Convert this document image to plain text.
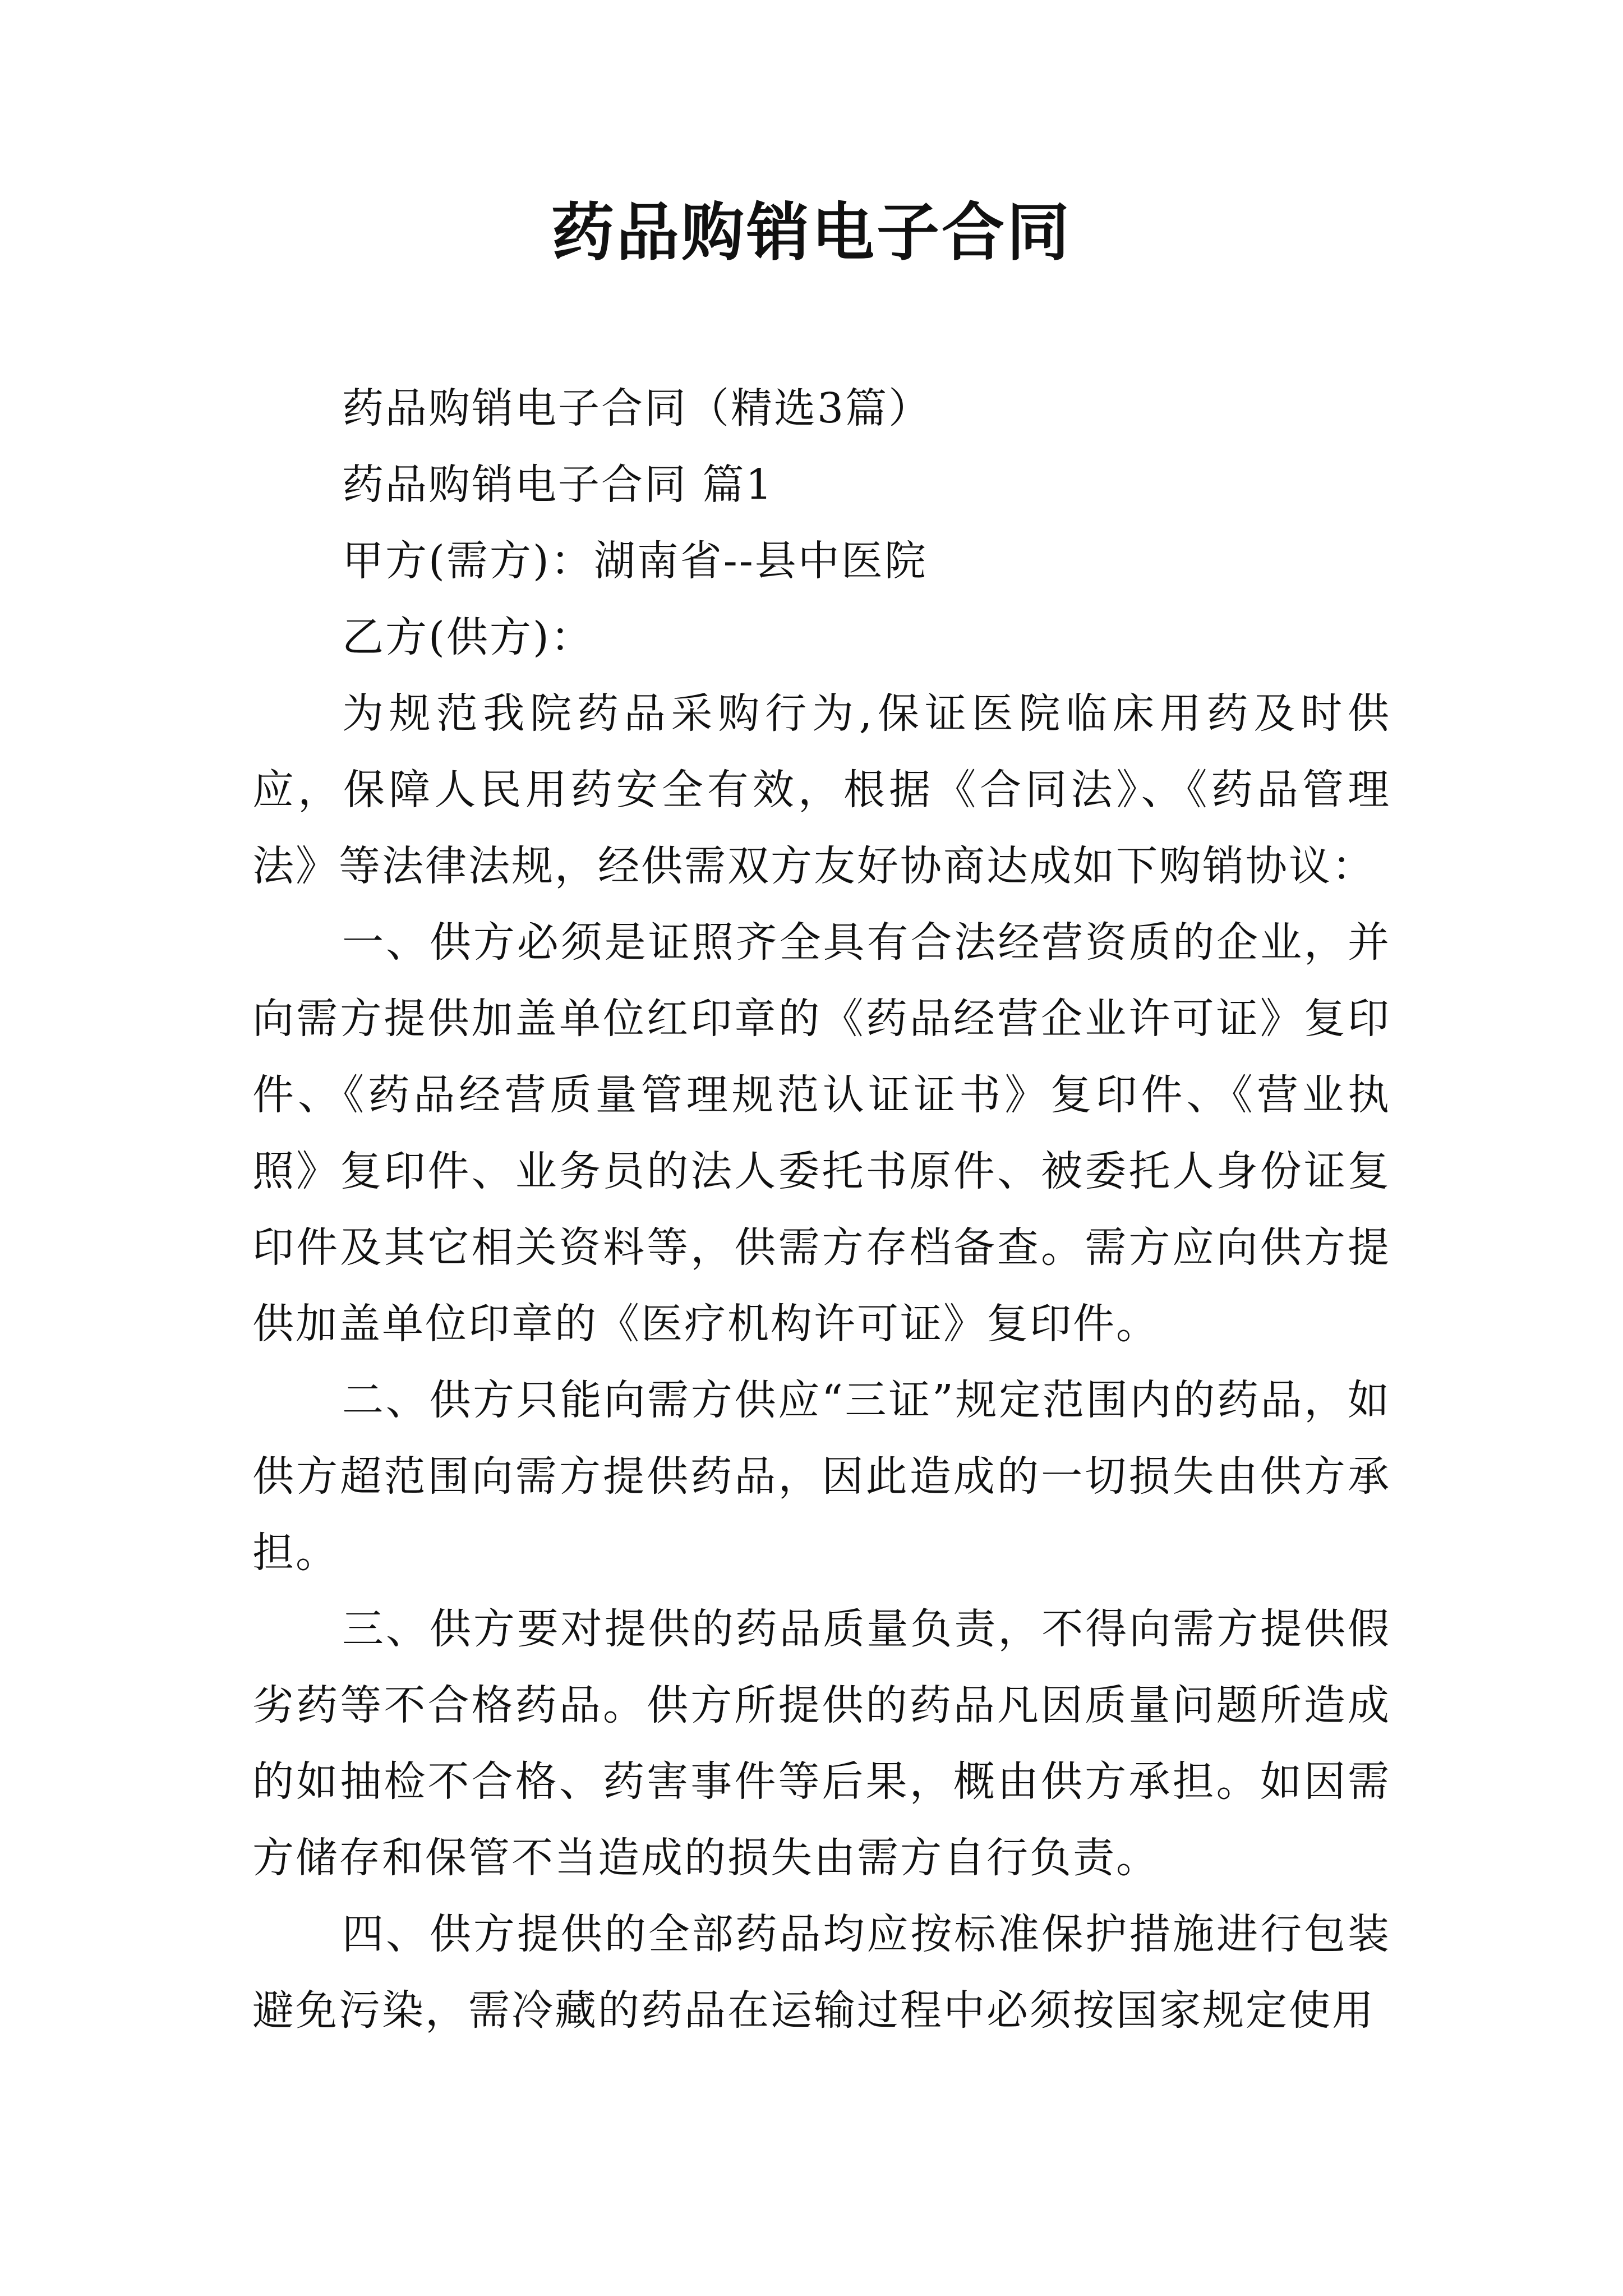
药品购销电子合同

药品购销电子合同（精选3篇）

药品购销电子合同 篇1

甲方(需方)：湖南省--县中医院

乙方(供方)：

为规范我院药品采购行为,保证医院临床用药及时供应，保障人民用药安全有效，根据《合同法》、《药品管理法》等法律法规，经供需双方友好协商达成如下购销协议：

一、供方必须是证照齐全具有合法经营资质的企业，并向需方提供加盖单位红印章的《药品经营企业许可证》复印件、《药品经营质量管理规范认证证书》复印件、《营业执照》复印件、业务员的法人委托书原件、被委托人身份证复印件及其它相关资料等，供需方存档备查。需方应向供方提供加盖单位印章的《医疗机构许可证》复印件。

二、供方只能向需方供应“三证”规定范围内的药品，如供方超范围向需方提供药品，因此造成的一切损失由供方承担。

三、供方要对提供的药品质量负责，不得向需方提供假劣药等不合格药品。供方所提供的药品凡因质量问题所造成的如抽检不合格、药害事件等后果，概由供方承担。如因需方储存和保管不当造成的损失由需方自行负责。

四、供方提供的全部药品均应按标准保护措施进行包装避免污染，需冷藏的药品在运输过程中必须按国家规定使用
